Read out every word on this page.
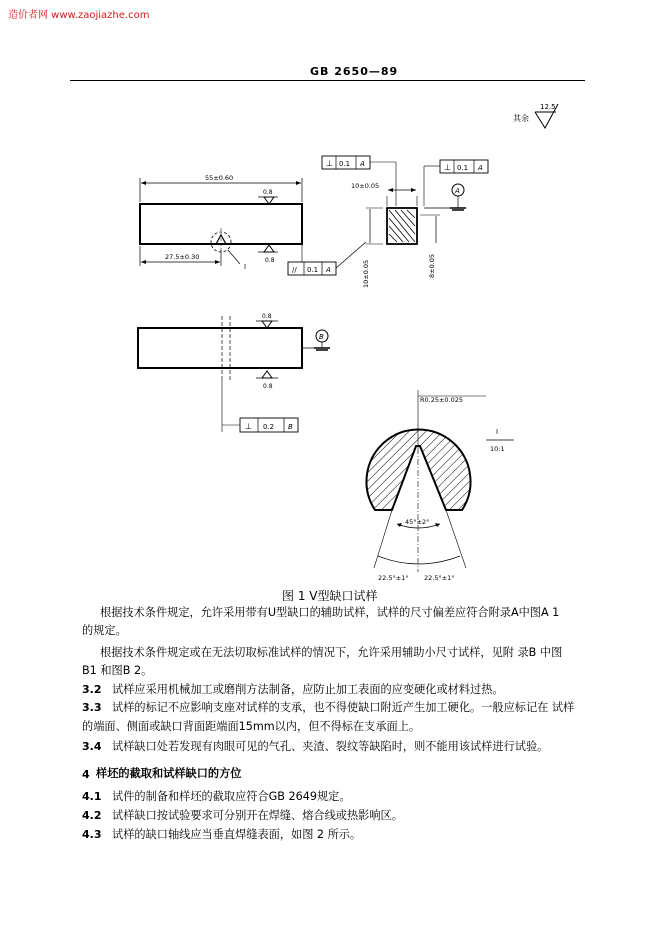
造价者网 www.zaojiazhe.com
GB 2650—89
其余
12.5
55±0.60
0.8
27.5±0.30
I
0.8
// 0.1 A
10±0.05
10±0.05	8±0.05
A
⊥ 0.1 A	⊥ 0.1 A
0.8
0.8
B
⊥ 0.2 B
R0.25±0.025
I
10:1
45°±2°
22.5°±1° 22.5°±1°
图 1 V型缺口试样
根据技术条件规定，允许采用带有U型缺口的辅助试样，试样的尺寸偏差应符合附录A中图A 1
的规定。
根据技术条件规定或在无法切取标准试样的情况下，允许采用辅助小尺寸试样，见附 录B 中图
B1 和图B 2。
3.2 试样应采用机械加工或磨削方法制备，应防止加工表面的应变硬化或材料过热。
3.3 试样的标记不应影响支座对试样的支承，也不得使缺口附近产生加工硬化。一般应标记在 试样
的端面、侧面或缺口背面距端面15mm以内，但不得标在支承面上。
3.4 试样缺口处若发现有肉眼可见的气孔、夹渣、裂纹等缺陷时，则不能用该试样进行试验。
4 样坯的截取和试样缺口的方位
4.1 试件的制备和样坯的截取应符合GB 2649规定。
4.2 试样缺口按试验要求可分别开在焊缝、熔合线或热影响区。
4.3 试样的缺口轴线应当垂直焊缝表面，如图 2 所示。
